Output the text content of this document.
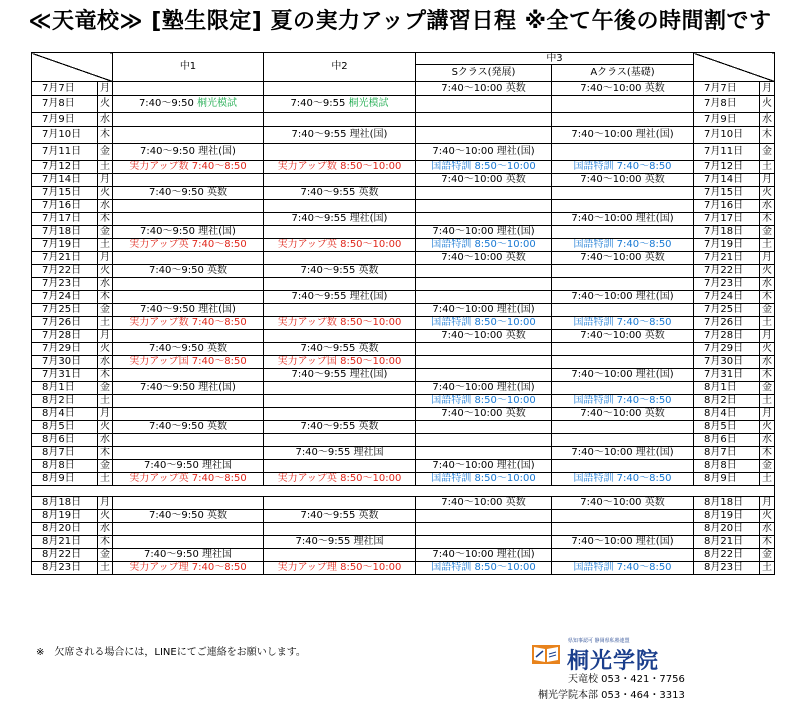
≪天竜校≫ [塾生限定] 夏の実力アップ講習日程 ※全て午後の時間割です
		中1	中2	中3			
				Sクラス(発展)	Aクラス(基礎)		
7月7日	月			7:40～10:00 英数	7:40～10:00 英数	7月7日	月
7月8日	火	7:40～9:50 桐光模試	7:40～9:55 桐光模試			7月8日	火
7月9日	水					7月9日	水
7月10日	木		7:40～9:55 理社(国)		7:40～10:00 理社(国)	7月10日	木
7月11日	金	7:40～9:50 理社(国)		7:40～10:00 理社(国)		7月11日	金
7月12日	土	実力アップ数 7:40～8:50	実力アップ数 8:50～10:00	国語特訓 8:50～10:00	国語特訓 7:40～8:50	7月12日	土
7月14日	月			7:40～10:00 英数	7:40～10:00 英数	7月14日	月
7月15日	火	7:40～9:50 英数	7:40～9:55 英数			7月15日	火
7月16日	水					7月16日	水
7月17日	木		7:40～9:55 理社(国)		7:40～10:00 理社(国)	7月17日	木
7月18日	金	7:40～9:50 理社(国)		7:40～10:00 理社(国)		7月18日	金
7月19日	土	実力アップ英 7:40～8:50	実力アップ英 8:50～10:00	国語特訓 8:50～10:00	国語特訓 7:40～8:50	7月19日	土
7月21日	月			7:40～10:00 英数	7:40～10:00 英数	7月21日	月
7月22日	火	7:40～9:50 英数	7:40～9:55 英数			7月22日	火
7月23日	水					7月23日	水
7月24日	木		7:40～9:55 理社(国)		7:40～10:00 理社(国)	7月24日	木
7月25日	金	7:40～9:50 理社(国)		7:40～10:00 理社(国)		7月25日	金
7月26日	土	実力アップ数 7:40～8:50	実力アップ数 8:50～10:00	国語特訓 8:50～10:00	国語特訓 7:40～8:50	7月26日	土
7月28日	月			7:40～10:00 英数	7:40～10:00 英数	7月28日	月
7月29日	火	7:40～9:50 英数	7:40～9:55 英数			7月29日	火
7月30日	水	実力アップ国 7:40～8:50	実力アップ国 8:50～10:00			7月30日	水
7月31日	木		7:40～9:55 理社(国)		7:40～10:00 理社(国)	7月31日	木
8月1日	金	7:40～9:50 理社(国)		7:40～10:00 理社(国)		8月1日	金
8月2日	土			国語特訓 8:50～10:00	国語特訓 7:40～8:50	8月2日	土
8月4日	月			7:40～10:00 英数	7:40～10:00 英数	8月4日	月
8月5日	火	7:40～9:50 英数	7:40～9:55 英数			8月5日	火
8月6日	水					8月6日	水
8月7日	木		7:40～9:55 理社国		7:40～10:00 理社(国)	8月7日	木
8月8日	金	7:40～9:50 理社国		7:40～10:00 理社(国)		8月8日	金
8月9日	土	実力アップ英 7:40～8:50	実力アップ英 8:50～10:00	国語特訓 8:50～10:00	国語特訓 7:40～8:50	8月9日	土

8月18日	月			7:40～10:00 英数	7:40～10:00 英数	8月18日	月
8月19日	火	7:40～9:50 英数	7:40～9:55 英数			8月19日	火
8月20日	水					8月20日	水
8月21日	木		7:40～9:55 理社国		7:40～10:00 理社(国)	8月21日	木
8月22日	金	7:40～9:50 理社国		7:40～10:00 理社(国)		8月22日	金
8月23日	土	実力アップ理 7:40～8:50	実力アップ理 8:50～10:00	国語特訓 8:50～10:00	国語特訓 7:40～8:50	8月23日	土
※　欠席される場合には，LINEにてご連絡をお願いします。
県知事認可 静岡県私塾連盟
桐光学院
天竜校 053・421・7756
桐光学院本部 053・464・3313
